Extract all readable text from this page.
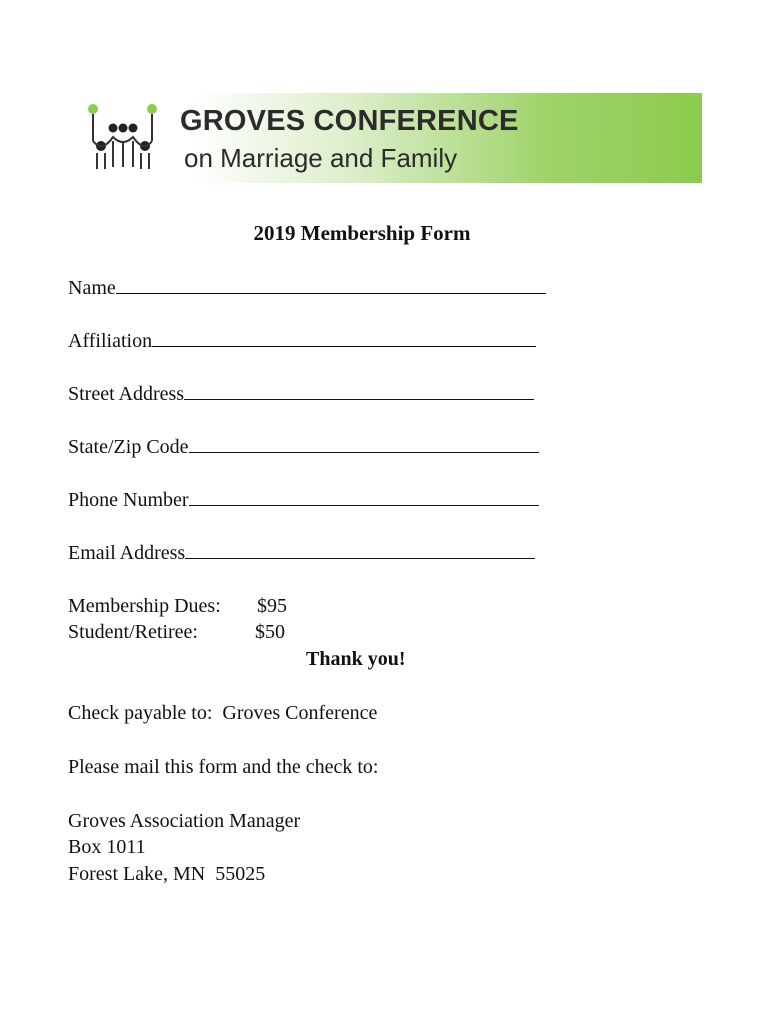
GROVES CONFERENCE
on Marriage and Family
2019 Membership Form
Name
Affiliation
Street Address
State/Zip Code
Phone Number
Email Address
Membership Dues: $95
Student/Retiree:	$50
Thank you!
Check payable to:  Groves Conference
Please mail this form and the check to:
Groves Association Manager
Box 1011
Forest Lake, MN  55025
